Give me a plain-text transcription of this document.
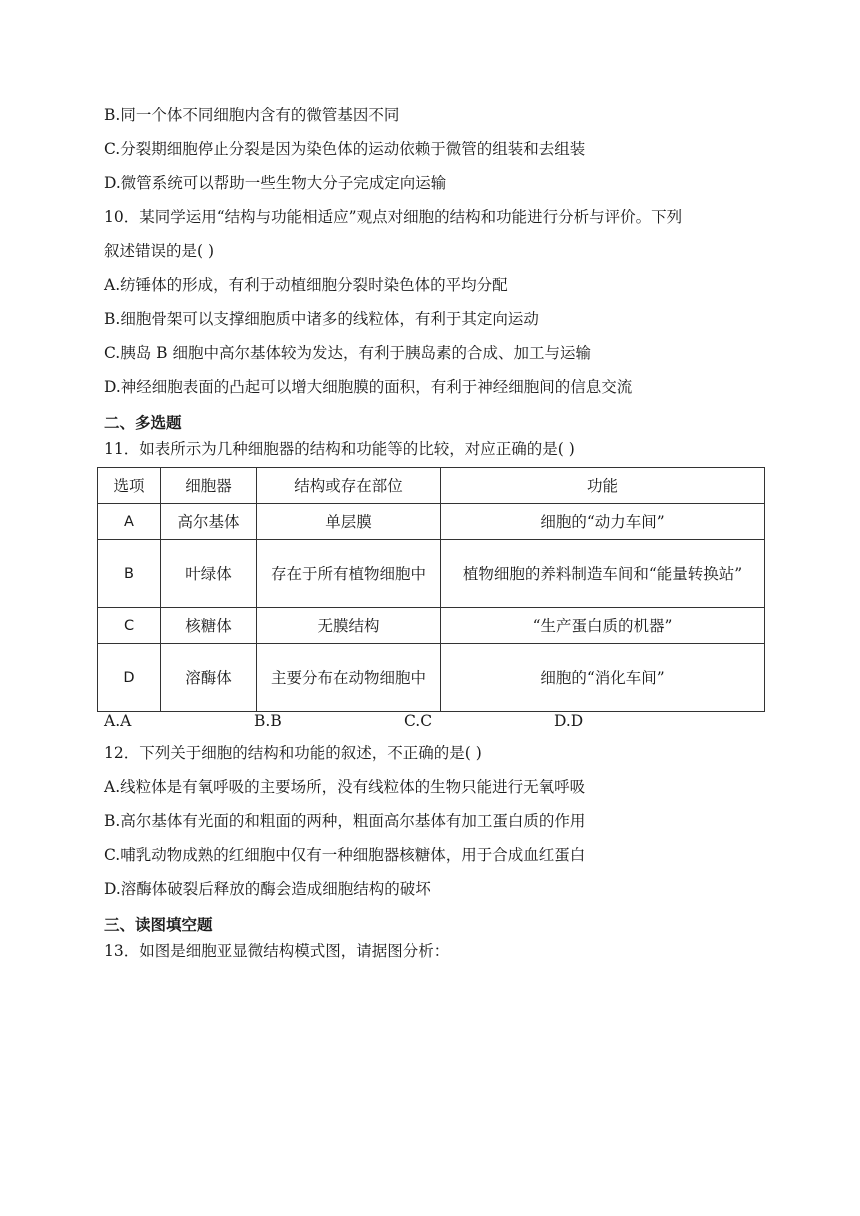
B.同一个体不同细胞内含有的微管基因不同
C.分裂期细胞停止分裂是因为染色体的运动依赖于微管的组装和去组装
D.微管系统可以帮助一些生物大分子完成定向运输
10．某同学运用“结构与功能相适应”观点对细胞的结构和功能进行分析与评价。下列
叙述错误的是( )
A.纺锤体的形成，有利于动植细胞分裂时染色体的平均分配
B.细胞骨架可以支撑细胞质中诸多的线粒体，有利于其定向运动
C.胰岛 B 细胞中高尔基体较为发达，有利于胰岛素的合成、加工与运输
D.神经细胞表面的凸起可以增大细胞膜的面积，有利于神经细胞间的信息交流
二、多选题
11．如表所示为几种细胞器的结构和功能等的比较，对应正确的是( )
选项	细胞器	结构或存在部位	功能
A	高尔基体	单层膜	细胞的“动力车间”
B	叶绿体	存在于所有植物细胞中	植物细胞的养料制造车间和“能量转换站”
C	核糖体	无膜结构	“生产蛋白质的机器”
D	溶酶体	主要分布在动物细胞中	细胞的“消化车间”
A.A	B.B	C.C	D.D
12．下列关于细胞的结构和功能的叙述，不正确的是( )
A.线粒体是有氧呼吸的主要场所，没有线粒体的生物只能进行无氧呼吸
B.高尔基体有光面的和粗面的两种，粗面高尔基体有加工蛋白质的作用
C.哺乳动物成熟的红细胞中仅有一种细胞器核糖体，用于合成血红蛋白
D.溶酶体破裂后释放的酶会造成细胞结构的破坏
三、读图填空题
13．如图是细胞亚显微结构模式图，请据图分析：
